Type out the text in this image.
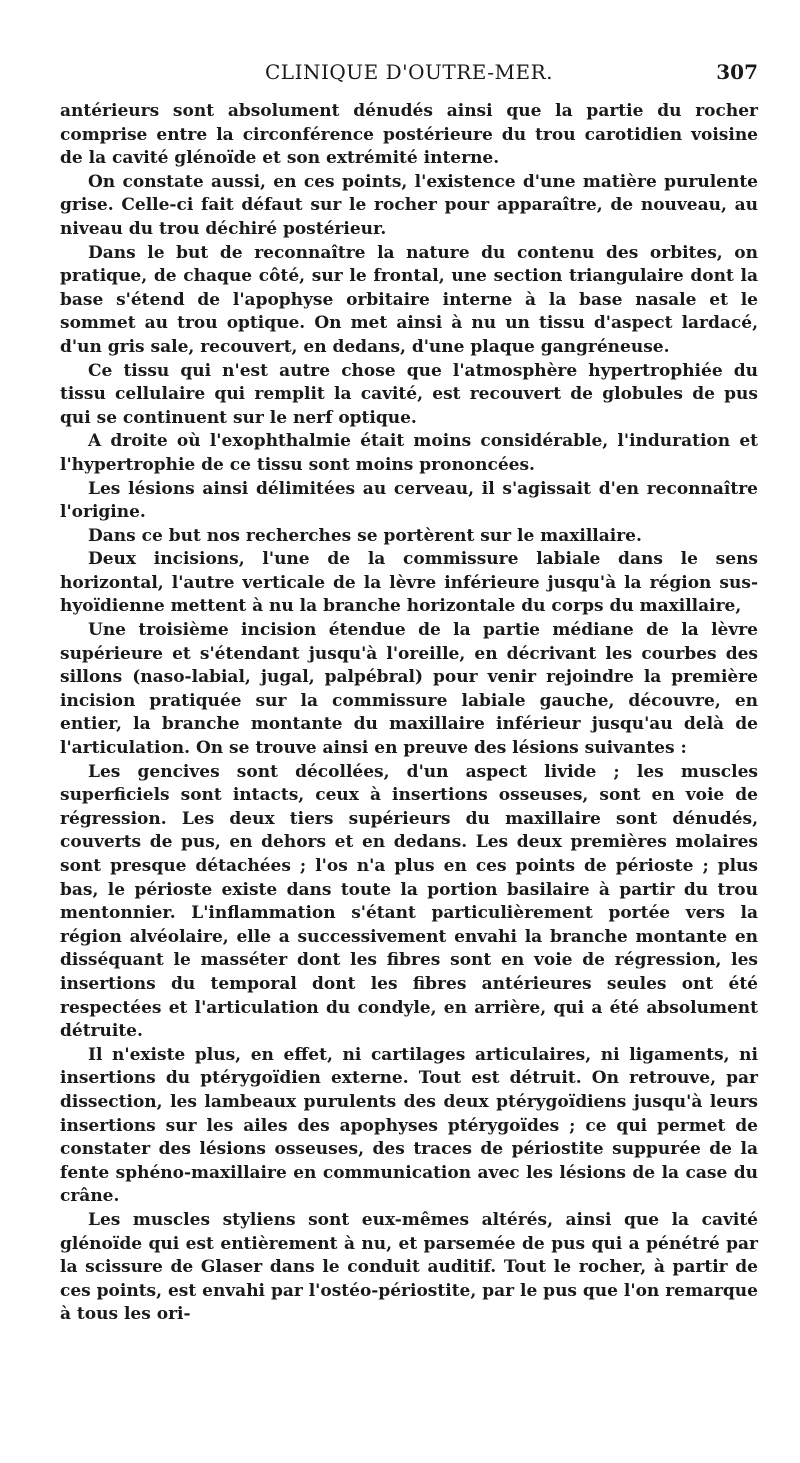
CLINIQUE D'OUTRE-MER.	307

antérieurs sont absolument dénudés ainsi que la partie du rocher comprise entre la circonférence postérieure du trou carotidien voisine de la cavité glénoïde et son extrémité interne.

On constate aussi, en ces points, l'existence d'une matière purulente grise. Celle-ci fait défaut sur le rocher pour apparaître, de nouveau, au niveau du trou déchiré postérieur.

Dans le but de reconnaître la nature du contenu des orbites, on pratique, de chaque côté, sur le frontal, une section triangulaire dont la base s'étend de l'apophyse orbitaire interne à la base nasale et le sommet au trou optique. On met ainsi à nu un tissu d'aspect lardacé, d'un gris sale, recouvert, en dedans, d'une plaque gangréneuse.

Ce tissu qui n'est autre chose que l'atmosphère hypertrophiée du tissu cellulaire qui remplit la cavité, est recouvert de globules de pus qui se continuent sur le nerf optique.

A droite où l'exophthalmie était moins considérable, l'induration et l'hypertrophie de ce tissu sont moins prononcées.

Les lésions ainsi délimitées au cerveau, il s'agissait d'en reconnaître l'origine.

Dans ce but nos recherches se portèrent sur le maxillaire.

Deux incisions, l'une de la commissure labiale dans le sens horizontal, l'autre verticale de la lèvre inférieure jusqu'à la région sus-hyoïdienne mettent à nu la branche horizontale du corps du maxillaire,

Une troisième incision étendue de la partie médiane de la lèvre supérieure et s'étendant jusqu'à l'oreille, en décrivant les courbes des sillons (naso-labial, jugal, palpébral) pour venir rejoindre la première incision pratiquée sur la commissure labiale gauche, découvre, en entier, la branche montante du maxillaire inférieur jusqu'au delà de l'articulation. On se trouve ainsi en preuve des lésions suivantes :

Les gencives sont décollées, d'un aspect livide ; les muscles superficiels sont intacts, ceux à insertions osseuses, sont en voie de régression. Les deux tiers supérieurs du maxillaire sont dénudés, couverts de pus, en dehors et en dedans. Les deux premières molaires sont presque détachées ; l'os n'a plus en ces points de périoste ; plus bas, le périoste existe dans toute la portion basilaire à partir du trou mentonnier. L'inflammation s'étant particulièrement portée vers la région alvéolaire, elle a successivement envahi la branche montante en disséquant le masséter dont les fibres sont en voie de régression, les insertions du temporal dont les fibres antérieures seules ont été respectées et l'articulation du condyle, en arrière, qui a été absolument détruite.

Il n'existe plus, en effet, ni cartilages articulaires, ni ligaments, ni insertions du ptérygoïdien externe. Tout est détruit. On retrouve, par dissection, les lambeaux purulents des deux ptérygoïdiens jusqu'à leurs insertions sur les ailes des apophyses ptérygoïdes ; ce qui permet de constater des lésions osseuses, des traces de périostite suppurée de la fente sphéno-maxillaire en communication avec les lésions de la case du crâne.

Les muscles styliens sont eux-mêmes altérés, ainsi que la cavité glénoïde qui est entièrement à nu, et parsemée de pus qui a pénétré par la scissure de Glaser dans le conduit auditif. Tout le rocher, à partir de ces points, est envahi par l'ostéo-périostite, par le pus que l'on remarque à tous les ori-
